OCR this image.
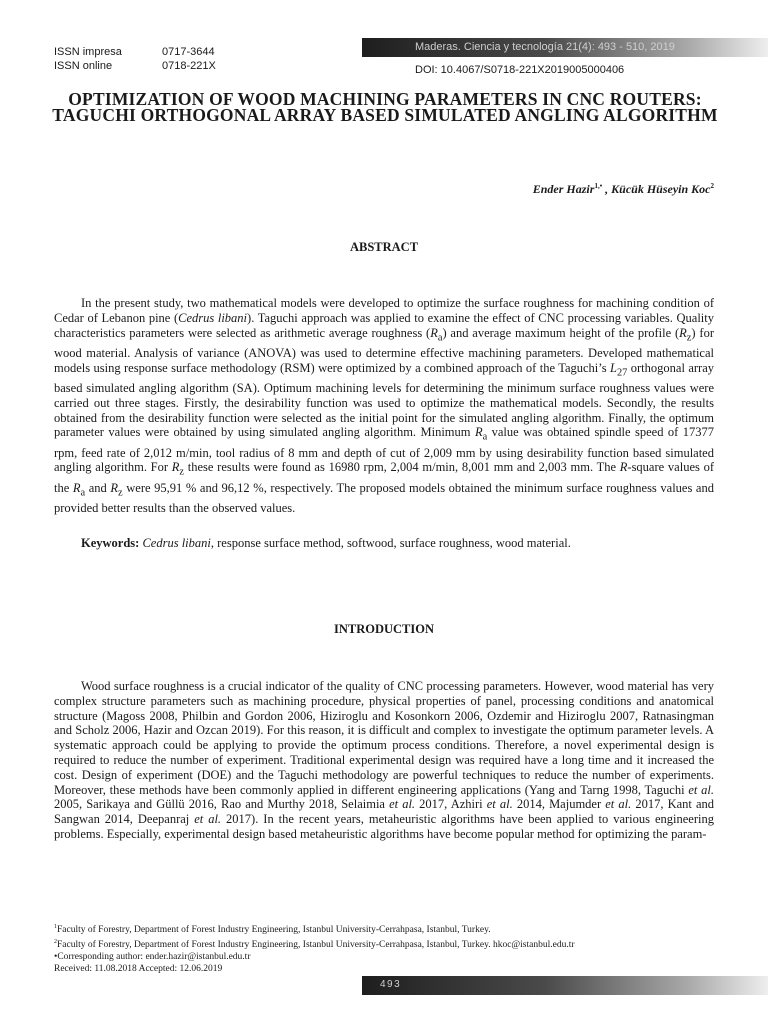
ISSN impresa	0717-3644
ISSN online	0718-221X
Maderas. Ciencia y tecnología 21(4): 493 - 510, 2019
DOI: 10.4067/S0718-221X2019005000406
OPTIMIZATION OF WOOD MACHINING PARAMETERS IN CNC ROUTERS: TAGUCHI ORTHOGONAL ARRAY BASED SIMULATED ANGLING ALGORITHM
Ender Hazir$^{1,•}$ , Kücük Hüseyin Koc$^2$
ABSTRACT

In the present study, two mathematical models were developed to optimize the surface roughness for machining condition of Cedar of Lebanon pine (Cedrus libani). Taguchi approach was applied to examine the effect of CNC processing variables. Quality characteristics parameters were selected as arithmetic average roughness $(R_a)$ and average maximum height of the profile $(R_z)$ for wood material. Analysis of variance (ANOVA) was used to determine effective machining parameters. Developed mathematical models using response surface methodology (RSM) were optimized by a combined approach of the Taguchi’s $L_{27}$ orthogonal array based simulated angling algorithm (SA). Optimum machining levels for determining the minimum surface roughness values were carried out three stages. Firstly, the desirability function was used to optimize the mathematical models. Secondly, the results obtained from the desirability function were selected as the initial point for the simulated angling algorithm. Finally, the optimum parameter values were obtained by using simulated angling algorithm. Minimum $R_a$ value was obtained spindle speed of 17377 rpm, feed rate of 2,012 m/min, tool radius of 8 mm and depth of cut of 2,009 mm by using desirability function based simulated angling algorithm. For $R_z$ these results were found as 16980 rpm, 2,004 m/min, 8,001 mm and 2,003 mm. The R-square values of the $R_a$ and $R_z$ were 95,91 % and 96,12 %, respectively. The proposed models obtained the minimum surface roughness values and provided better results than the observed values.

Keywords: Cedrus libani, response surface method, softwood, surface roughness, wood material.
INTRODUCTION

Wood surface roughness is a crucial indicator of the quality of CNC processing parameters. However, wood material has very complex structure parameters such as machining procedure, physical properties of panel, processing conditions and anatomical structure (Magoss 2008, Philbin and Gordon 2006, Hiziroglu and Kosonkorn 2006, Ozdemir and Hiziroglu 2007, Ratnasingman and Scholz 2006, Hazir and Ozcan 2019). For this reason, it is difficult and complex to investigate the optimum parameter levels. A systematic approach could be applying to provide the optimum process conditions. Therefore, a novel experimental design is required to reduce the number of experiment. Traditional experimental design was required have a long time and it increased the cost. Design of experiment (DOE) and the Taguchi methodology are powerful techniques to reduce the number of experiments. Moreover, these methods have been commonly applied in different engineering applications (Yang and Tarng 1998, Taguchi et al. 2005, Sarikaya and Güllü 2016, Rao and Murthy 2018, Selaimia et al. 2017, Azhiri et al. 2014, Majumder et al. 2017, Kant and Sangwan 2014, Deepanraj et al. 2017). In the recent years, metaheuristic algorithms have been applied to various engineering problems. Especially, experimental design based metaheuristic algorithms have become popular method for optimizing the param-

$^1$Faculty of Forestry, Department of Forest Industry Engineering, Istanbul University-Cerrahpasa, Istanbul, Turkey.
$^2$Faculty of Forestry, Department of Forest Industry Engineering, Istanbul University-Cerrahpasa, Istanbul, Turkey. hkoc@istanbul.edu.tr
•Corresponding author: ender.hazir@istanbul.edu.tr
Received: 11.08.2018 Accepted: 12.06.2019
493
